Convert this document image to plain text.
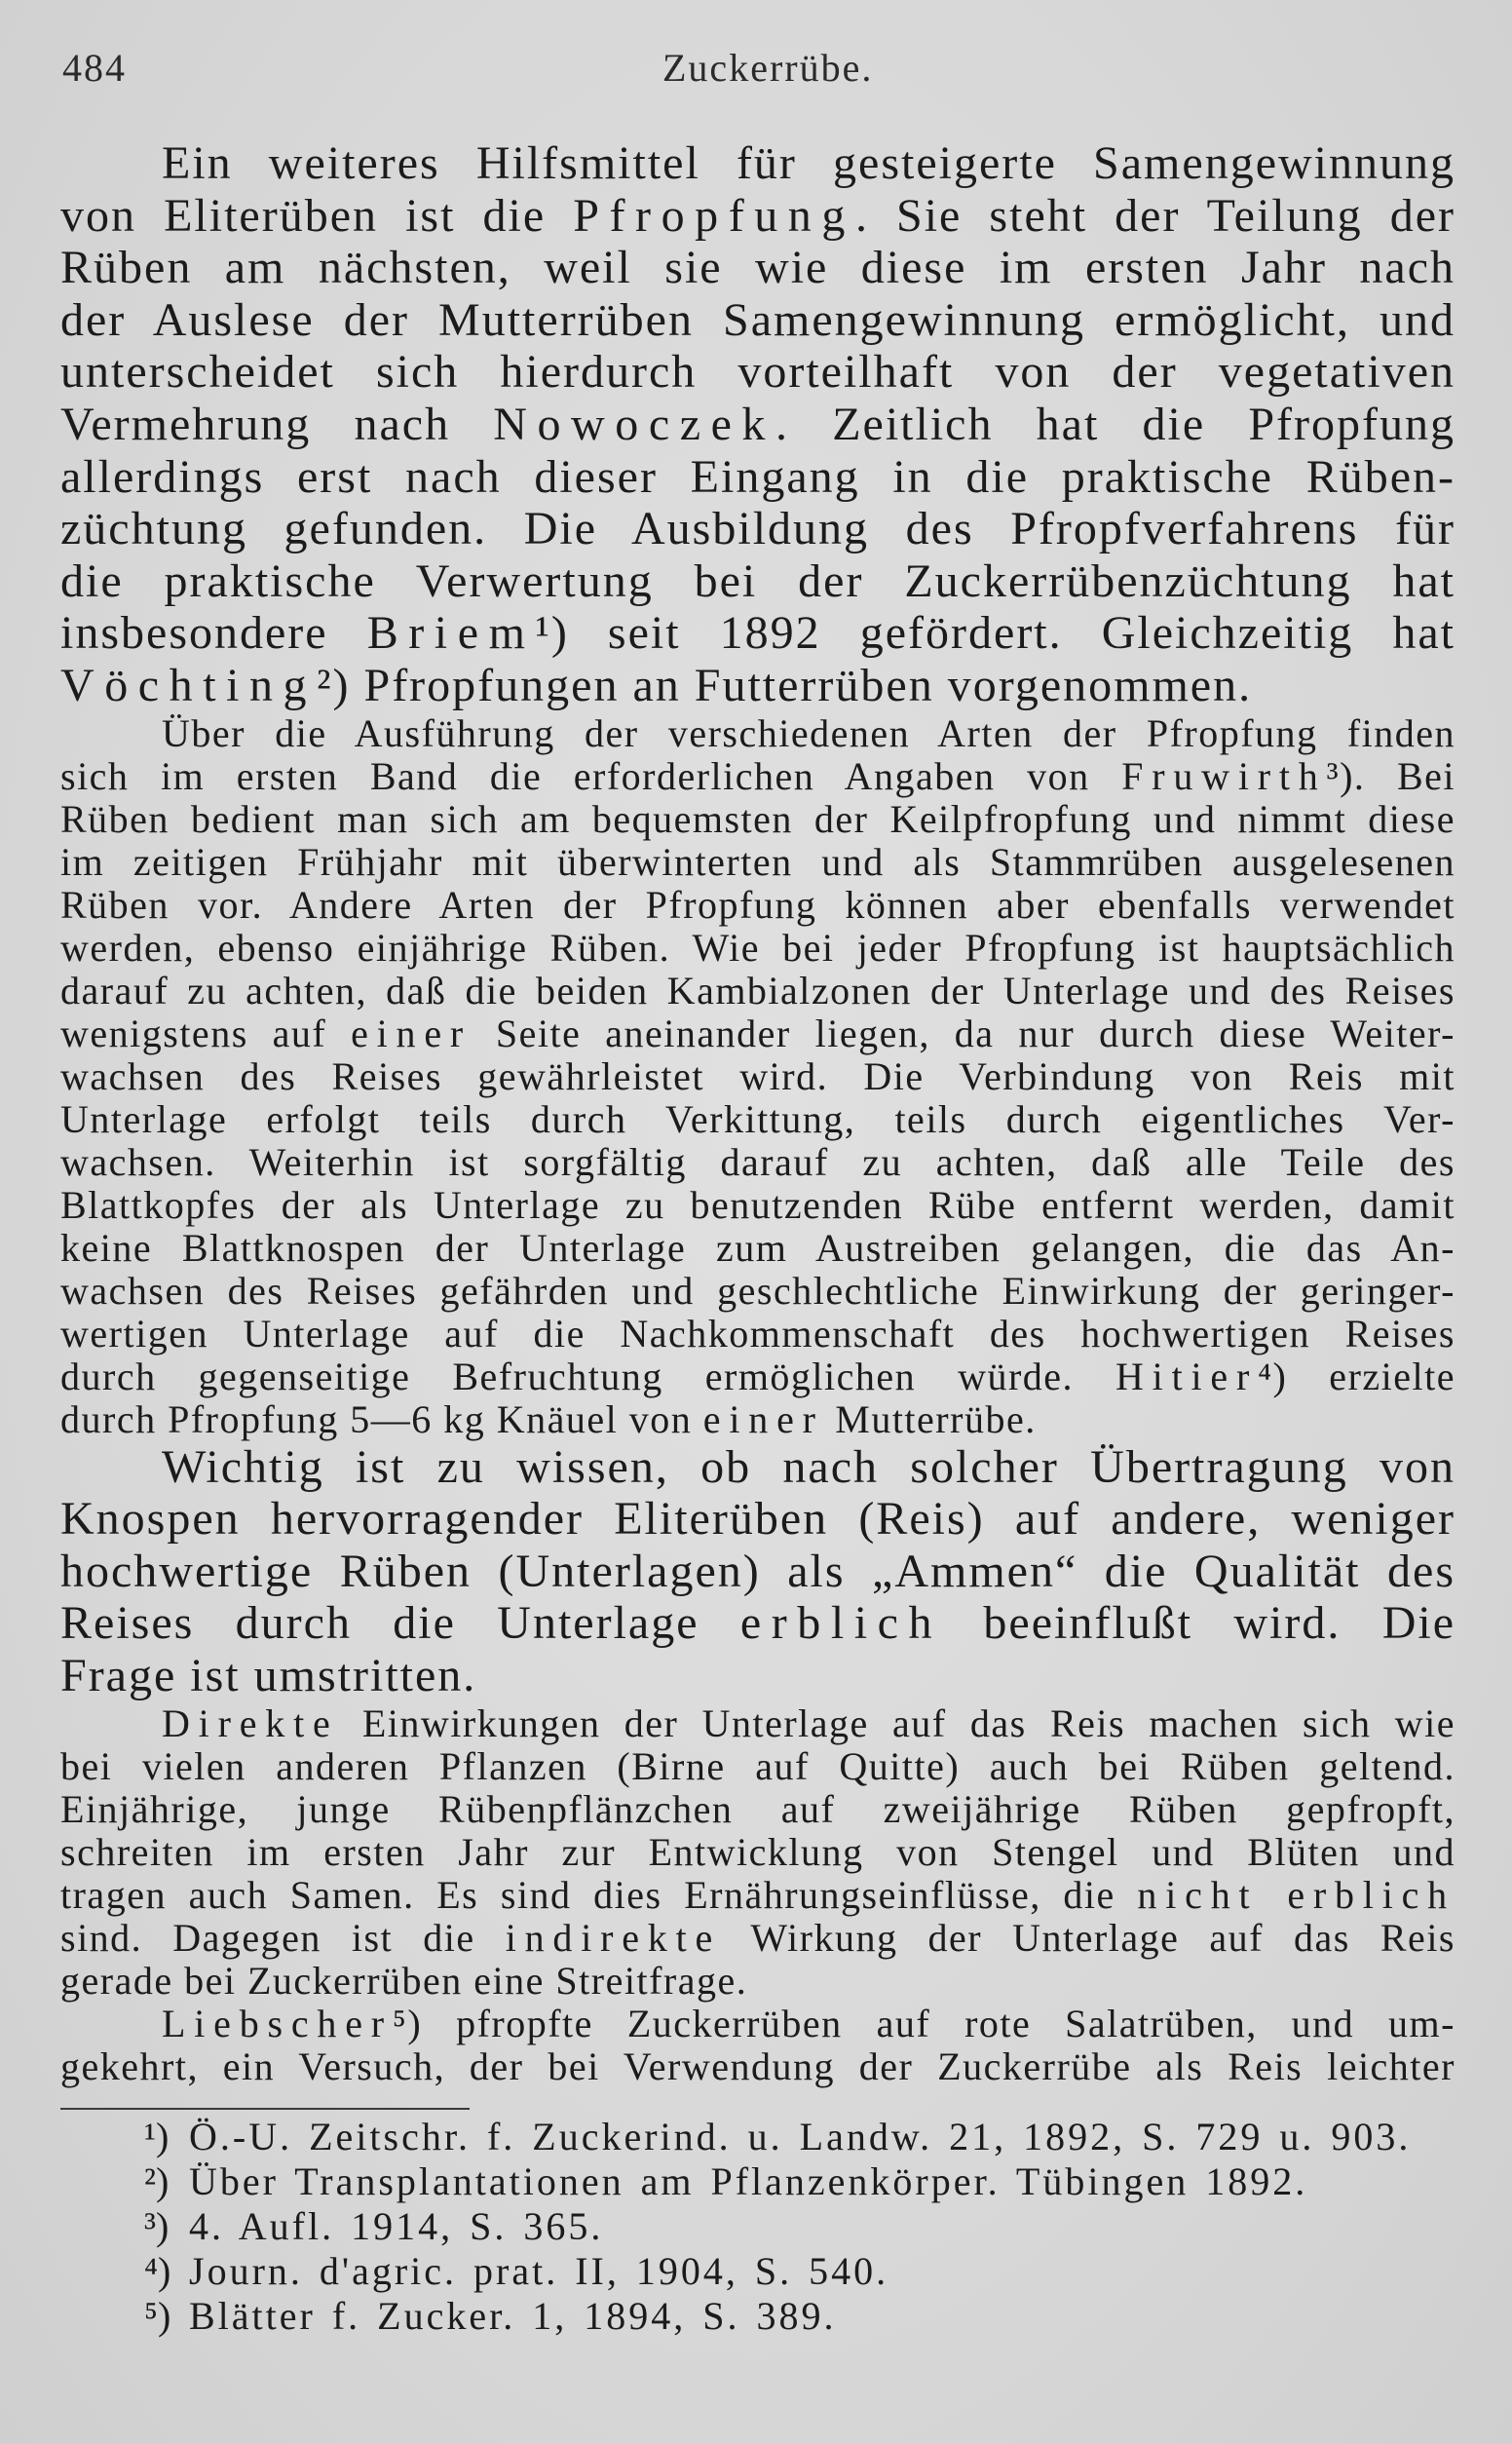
484	Zuckerrübe.
Ein weiteres Hilfsmittel für gesteigerte Samengewinnung
von Eliterüben ist die Pfropfung. Sie steht der Teilung der
Rüben am nächsten, weil sie wie diese im ersten Jahr nach
der Auslese der Mutterrüben Samengewinnung ermöglicht, und
unterscheidet sich hierdurch vorteilhaft von der vegetativen
Vermehrung nach Nowoczek. Zeitlich hat die Pfropfung
allerdings erst nach dieser Eingang in die praktische Rüben-
züchtung gefunden. Die Ausbildung des Pfropfverfahrens für
die praktische Verwertung bei der Zuckerrübenzüchtung hat
insbesondere Briem¹) seit 1892 gefördert. Gleichzeitig hat
Vöchting²) Pfropfungen an Futterrüben vorgenommen.
Über die Ausführung der verschiedenen Arten der Pfropfung finden
sich im ersten Band die erforderlichen Angaben von Fruwirth³). Bei
Rüben bedient man sich am bequemsten der Keilpfropfung und nimmt diese
im zeitigen Frühjahr mit überwinterten und als Stammrüben ausgelesenen
Rüben vor. Andere Arten der Pfropfung können aber ebenfalls verwendet
werden, ebenso einjährige Rüben. Wie bei jeder Pfropfung ist hauptsächlich
darauf zu achten, daß die beiden Kambialzonen der Unterlage und des Reises
wenigstens auf einer Seite aneinander liegen, da nur durch diese Weiter-
wachsen des Reises gewährleistet wird. Die Verbindung von Reis mit
Unterlage erfolgt teils durch Verkittung, teils durch eigentliches Ver-
wachsen. Weiterhin ist sorgfältig darauf zu achten, daß alle Teile des
Blattkopfes der als Unterlage zu benutzenden Rübe entfernt werden, damit
keine Blattknospen der Unterlage zum Austreiben gelangen, die das An-
wachsen des Reises gefährden und geschlechtliche Einwirkung der geringer-
wertigen Unterlage auf die Nachkommenschaft des hochwertigen Reises
durch gegenseitige Befruchtung ermöglichen würde. Hitier⁴) erzielte
durch Pfropfung 5—6 kg Knäuel von einer Mutterrübe.
Wichtig ist zu wissen, ob nach solcher Übertragung von
Knospen hervorragender Eliterüben (Reis) auf andere, weniger
hochwertige Rüben (Unterlagen) als „Ammen“ die Qualität des
Reises durch die Unterlage erblich beeinflußt wird. Die
Frage ist umstritten.
Direkte Einwirkungen der Unterlage auf das Reis machen sich wie
bei vielen anderen Pflanzen (Birne auf Quitte) auch bei Rüben geltend.
Einjährige, junge Rübenpflänzchen auf zweijährige Rüben gepfropft,
schreiten im ersten Jahr zur Entwicklung von Stengel und Blüten und
tragen auch Samen. Es sind dies Ernährungseinflüsse, die nicht erblich
sind. Dagegen ist die indirekte Wirkung der Unterlage auf das Reis
gerade bei Zuckerrüben eine Streitfrage.
Liebscher⁵) pfropfte Zuckerrüben auf rote Salatrüben, und um-
gekehrt, ein Versuch, der bei Verwendung der Zuckerrübe als Reis leichter
¹) Ö.-U. Zeitschr. f. Zuckerind. u. Landw. 21, 1892, S. 729 u. 903.
²) Über Transplantationen am Pflanzenkörper. Tübingen 1892.
³) 4. Aufl. 1914, S. 365.
⁴) Journ. d'agric. prat. II, 1904, S. 540.
⁵) Blätter f. Zucker. 1, 1894, S. 389.
